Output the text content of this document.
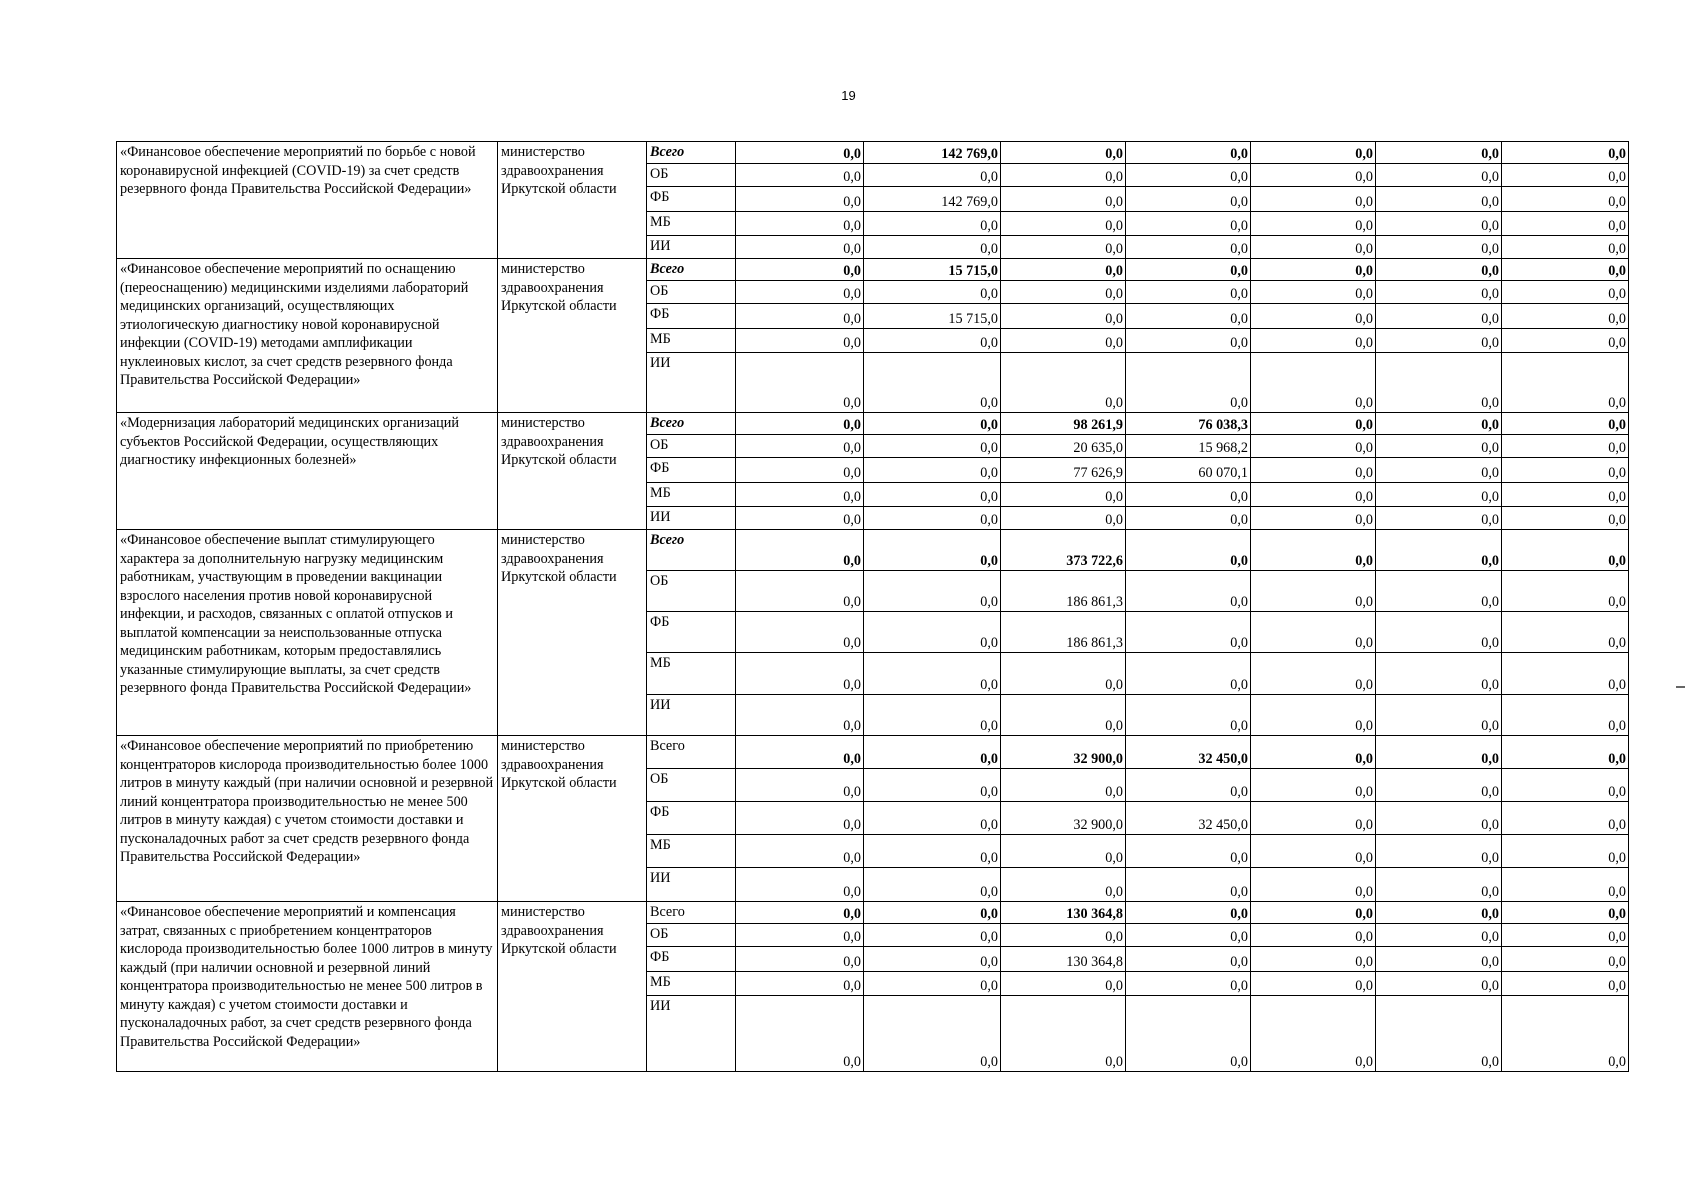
19
«Финансовое обеспечение мероприятий по борьбе с новой коронавирусной инфекцией (COVID-19) за счет средств резервного фонда Правительства Российской Федерации»	министерство здравоохранения Иркутской области	Всего	0,0	142 769,0	0,0	0,0	0,0	0,0	0,0
		ОБ	0,0	0,0	0,0	0,0	0,0	0,0	0,0
		ФБ	0,0	142 769,0	0,0	0,0	0,0	0,0	0,0
		МБ	0,0	0,0	0,0	0,0	0,0	0,0	0,0
		ИИ	0,0	0,0	0,0	0,0	0,0	0,0	0,0
«Финансовое обеспечение мероприятий по оснащению (переоснащению) медицинскими изделиями лабораторий медицинских организаций, осуществляющих этиологическую диагностику новой коронавирусной инфекции (COVID-19) методами амплификации нуклеиновых кислот, за счет средств резервного фонда Правительства Российской Федерации»	министерство здравоохранения Иркутской области	Всего	0,0	15 715,0	0,0	0,0	0,0	0,0	0,0
		ОБ	0,0	0,0	0,0	0,0	0,0	0,0	0,0
		ФБ	0,0	15 715,0	0,0	0,0	0,0	0,0	0,0
		МБ	0,0	0,0	0,0	0,0	0,0	0,0	0,0
		ИИ	0,0	0,0	0,0	0,0	0,0	0,0	0,0
«Модернизация лабораторий медицинских организаций субъектов Российской Федерации, осуществляющих диагностику инфекционных болезней»	министерство здравоохранения Иркутской области	Всего	0,0	0,0	98 261,9	76 038,3	0,0	0,0	0,0
		ОБ	0,0	0,0	20 635,0	15 968,2	0,0	0,0	0,0
		ФБ	0,0	0,0	77 626,9	60 070,1	0,0	0,0	0,0
		МБ	0,0	0,0	0,0	0,0	0,0	0,0	0,0
		ИИ	0,0	0,0	0,0	0,0	0,0	0,0	0,0
«Финансовое обеспечение выплат стимулирующего характера за дополнительную нагрузку медицинским работникам, участвующим в проведении вакцинации взрослого населения против новой коронавирусной инфекции, и расходов, связанных с оплатой отпусков и выплатой компенсации за неиспользованные отпуска медицинским работникам, которым предоставлялись указанные стимулирующие выплаты, за счет средств резервного фонда Правительства Российской Федерации»	министерство здравоохранения Иркутской области	Всего	0,0	0,0	373 722,6	0,0	0,0	0,0	0,0
		ОБ	0,0	0,0	186 861,3	0,0	0,0	0,0	0,0
		ФБ	0,0	0,0	186 861,3	0,0	0,0	0,0	0,0
		МБ	0,0	0,0	0,0	0,0	0,0	0,0	0,0
		ИИ	0,0	0,0	0,0	0,0	0,0	0,0	0,0
«Финансовое обеспечение мероприятий по приобретению концентраторов кислорода производительностью более 1000 литров в минуту каждый (при наличии основной и резервной линий концентратора производительностью не менее 500 литров в минуту каждая) с учетом стоимости доставки и пусконаладочных работ за счет средств резервного фонда Правительства Российской Федерации»	министерство здравоохранения Иркутской области	Всего	0,0	0,0	32 900,0	32 450,0	0,0	0,0	0,0
		ОБ	0,0	0,0	0,0	0,0	0,0	0,0	0,0
		ФБ	0,0	0,0	32 900,0	32 450,0	0,0	0,0	0,0
		МБ	0,0	0,0	0,0	0,0	0,0	0,0	0,0
		ИИ	0,0	0,0	0,0	0,0	0,0	0,0	0,0
«Финансовое обеспечение мероприятий и компенсация затрат, связанных с приобретением концентраторов кислорода производительностью более 1000 литров в минуту каждый (при наличии основной и резервной линий концентратора производительностью не менее 500 литров в минуту каждая) с учетом стоимости доставки и пусконаладочных работ, за счет средств резервного фонда Правительства Российской Федерации»	министерство здравоохранения Иркутской области	Всего	0,0	0,0	130 364,8	0,0	0,0	0,0	0,0
		ОБ	0,0	0,0	0,0	0,0	0,0	0,0	0,0
		ФБ	0,0	0,0	130 364,8	0,0	0,0	0,0	0,0
		МБ	0,0	0,0	0,0	0,0	0,0	0,0	0,0
		ИИ	0,0	0,0	0,0	0,0	0,0	0,0	0,0
